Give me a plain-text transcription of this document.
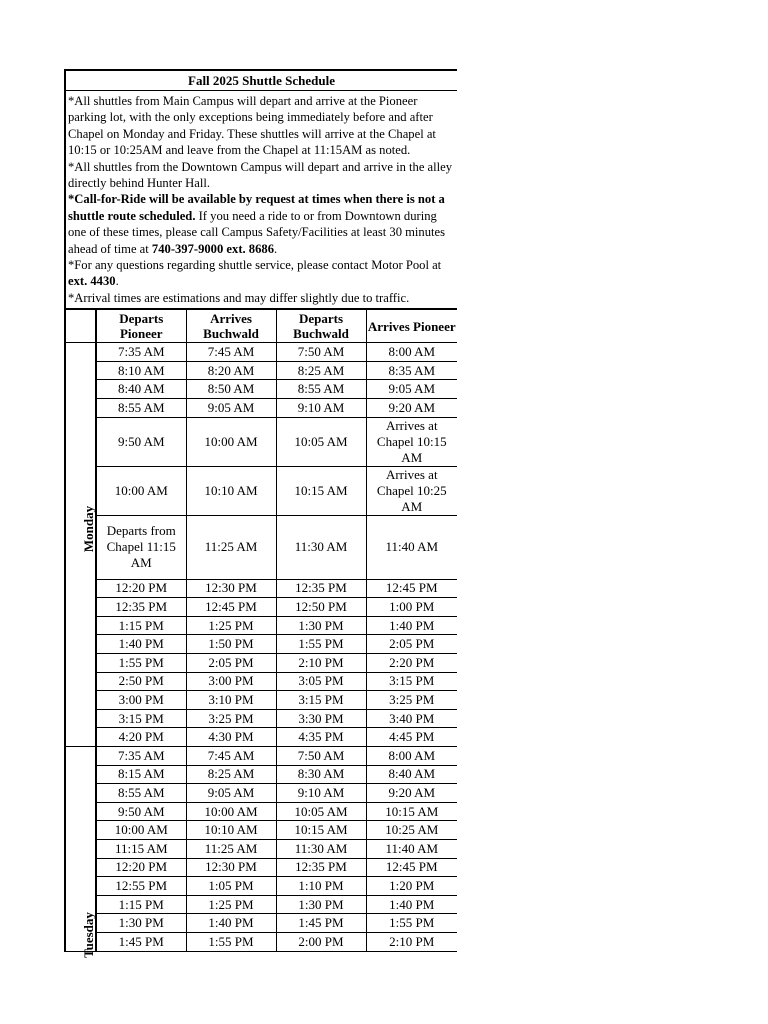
Fall 2025 Shuttle Schedule				

*All shuttles from Main Campus will depart and arrive at the Pioneer parking lot, with the only exceptions being immediately before and after Chapel on Monday and Friday. These shuttles will arrive at the Chapel at 10:15 or 10:25AM and leave from the Chapel at 11:15AM as noted.

*All shuttles from the Downtown Campus will depart and arrive in the alley directly behind Hunter Hall.

*Call-for-Ride will be available by request at times when there is not a shuttle route scheduled. If you need a ride to or from Downtown during one of these times, please call Campus Safety/Facilities at least 30 minutes ahead of time at 740-397-9000 ext. 8686.

*For any questions regarding shuttle service, please contact Motor Pool at ext. 4430.

*Arrival times are estimations and may differ slightly due to traffic.				

	Departs Pioneer	Arrives Buchwald	Departs Buchwald	Arrives Pioneer
Monday	7:35 AM	7:45 AM	7:50 AM	8:00 AM
	8:10 AM	8:20 AM	8:25 AM	8:35 AM
	8:40 AM	8:50 AM	8:55 AM	9:05 AM
	8:55 AM	9:05 AM	9:10 AM	9:20 AM
	9:50 AM	10:00 AM	10:05 AM	Arrives at Chapel 10:15 AM
	10:00 AM	10:10 AM	10:15 AM	Arrives at Chapel 10:25 AM
	Departs from Chapel 11:15 AM	11:25 AM	11:30 AM	11:40 AM
	12:20 PM	12:30 PM	12:35 PM	12:45 PM
	12:35 PM	12:45 PM	12:50 PM	1:00 PM
	1:15 PM	1:25 PM	1:30 PM	1:40 PM
	1:40 PM	1:50 PM	1:55 PM	2:05 PM
	1:55 PM	2:05 PM	2:10 PM	2:20 PM
	2:50 PM	3:00 PM	3:05 PM	3:15 PM
	3:00 PM	3:10 PM	3:15 PM	3:25 PM
	3:15 PM	3:25 PM	3:30 PM	3:40 PM
	4:20 PM	4:30 PM	4:35 PM	4:45 PM
Tuesday	7:35 AM	7:45 AM	7:50 AM	8:00 AM
	8:15 AM	8:25 AM	8:30 AM	8:40 AM
	8:55 AM	9:05 AM	9:10 AM	9:20 AM
	9:50 AM	10:00 AM	10:05 AM	10:15 AM
	10:00 AM	10:10 AM	10:15 AM	10:25 AM
	11:15 AM	11:25 AM	11:30 AM	11:40 AM
	12:20 PM	12:30 PM	12:35 PM	12:45 PM
	12:55 PM	1:05 PM	1:10 PM	1:20 PM
	1:15 PM	1:25 PM	1:30 PM	1:40 PM
	1:30 PM	1:40 PM	1:45 PM	1:55 PM
	1:45 PM	1:55 PM	2:00 PM	2:10 PM
